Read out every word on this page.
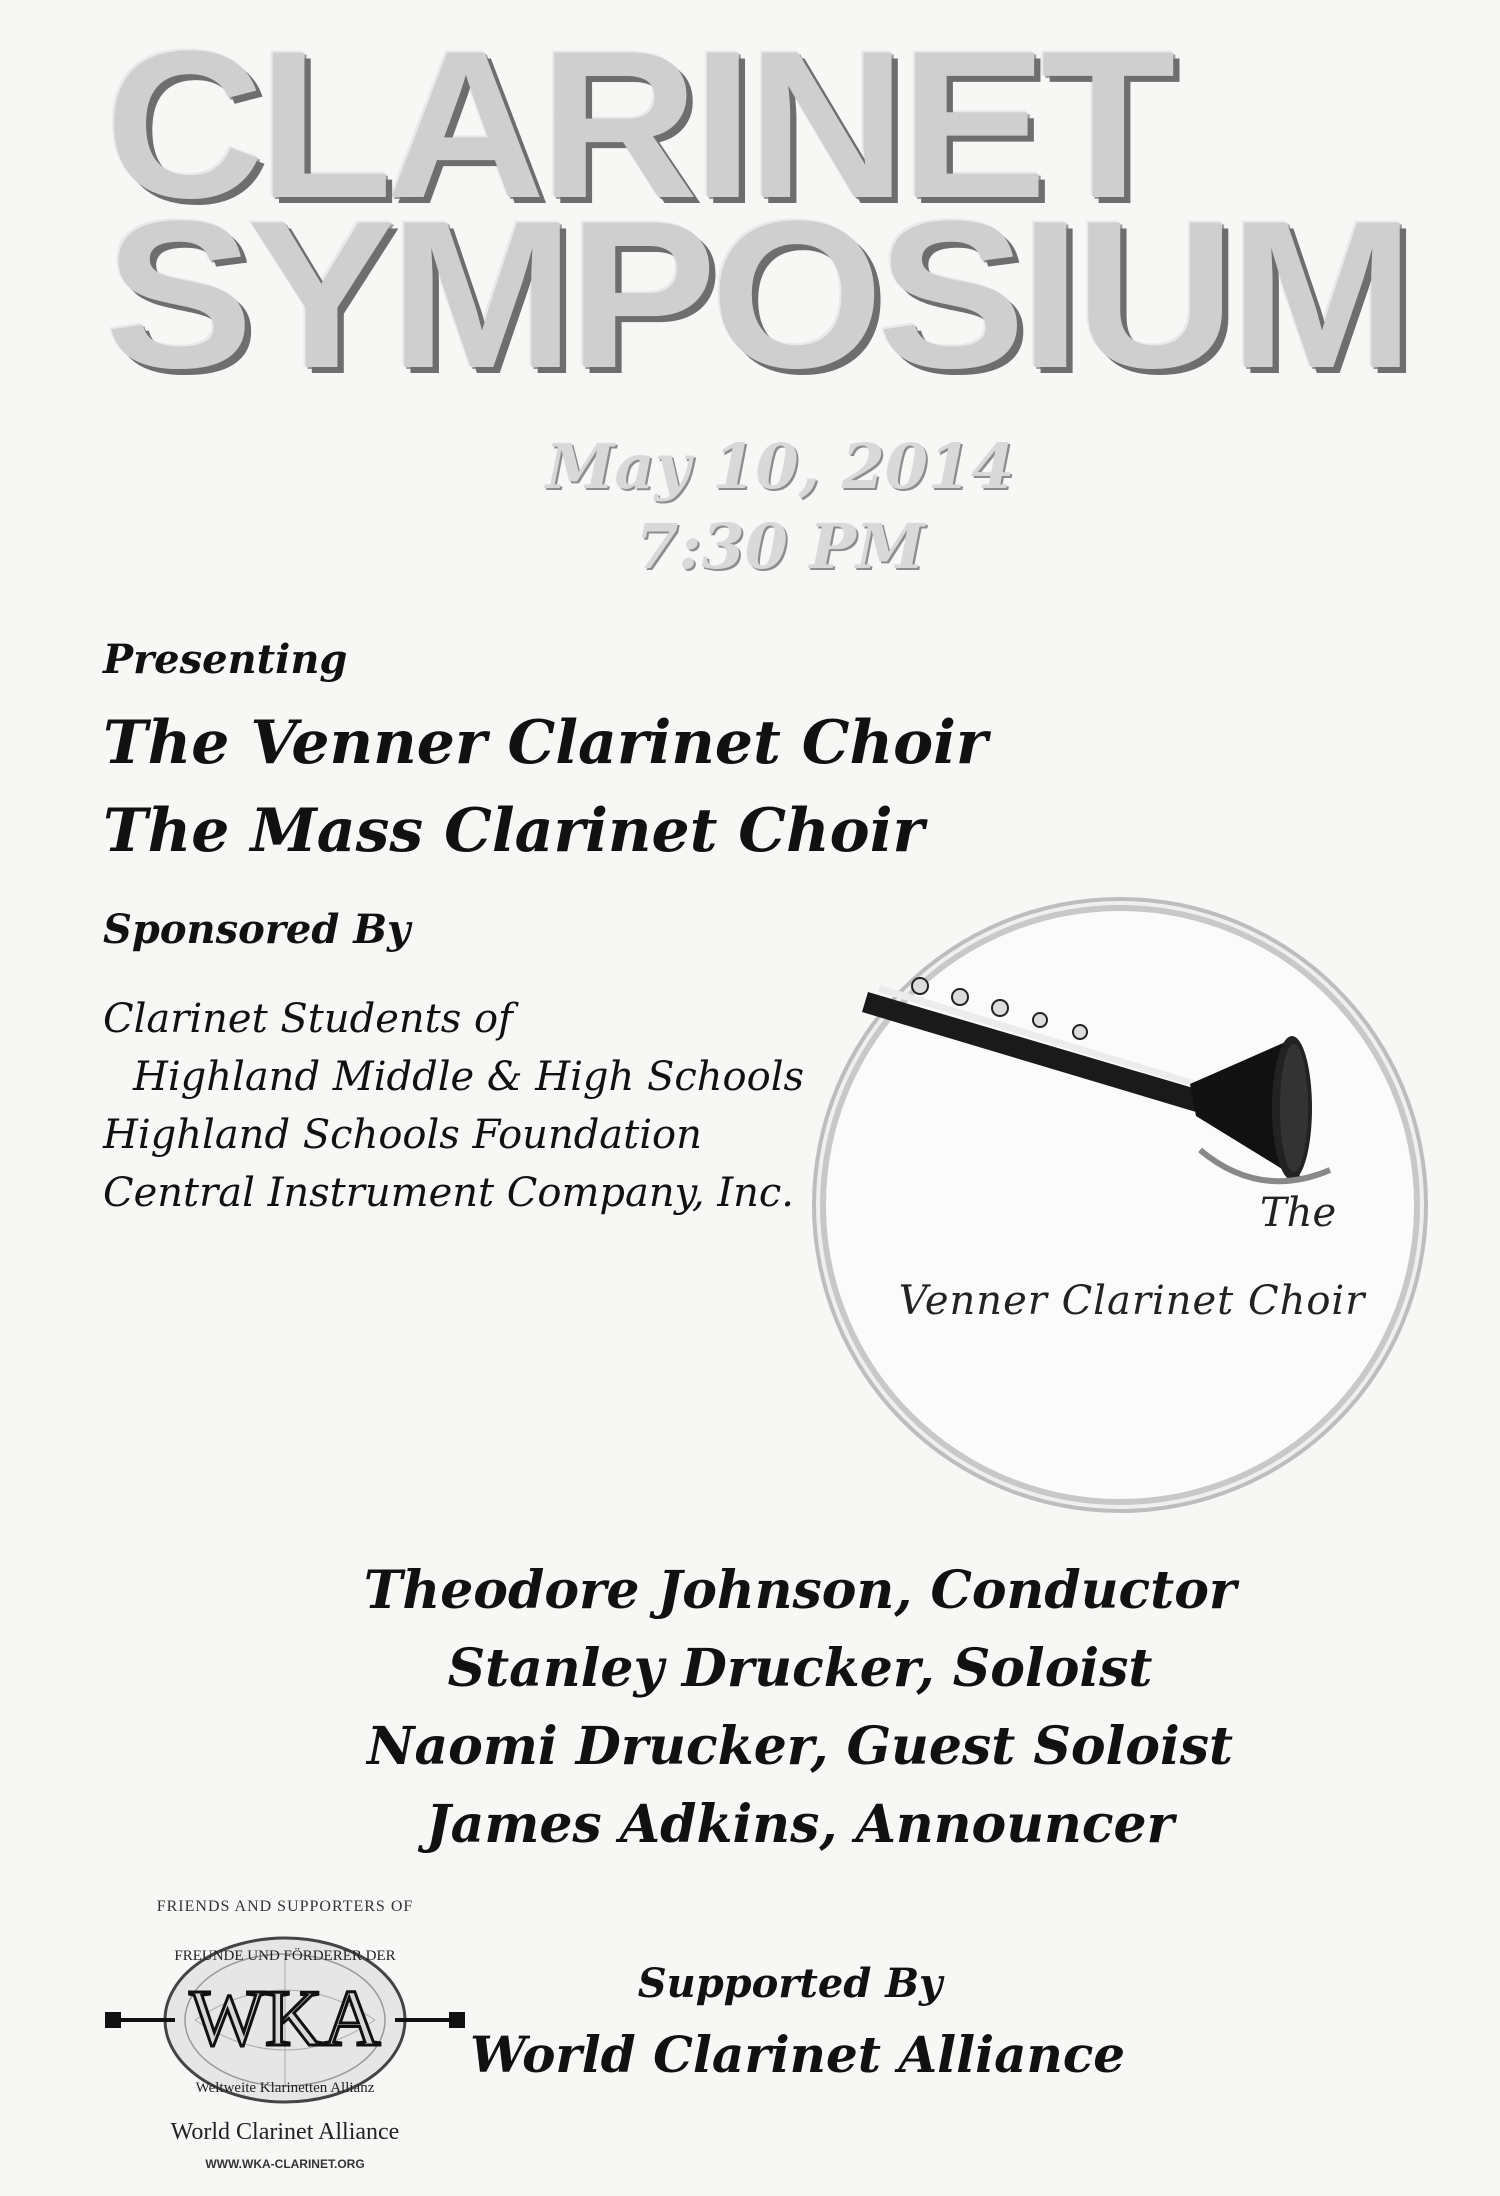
CLARINET
SYMPOSIUM
May 10, 2014
7:30 PM
Presenting
The Venner Clarinet Choir
The Mass Clarinet Choir
Sponsored By
Clarinet Students of
Highland Middle & High Schools
Highland Schools Foundation
Central Instrument Company, Inc.	The
Venner Clarinet Choir
Theodore Johnson, Conductor
Stanley Drucker, Soloist
Naomi Drucker, Guest Soloist
James Adkins, Announcer
FRIENDS AND SUPPORTERS OF
WKA
FREUNDE UND FÖRDERER DER
Weltweite Klarinetten Allianz
World Clarinet Alliance
WWW.WKA-CLARINET.ORG
Supported By
World Clarinet Alliance
